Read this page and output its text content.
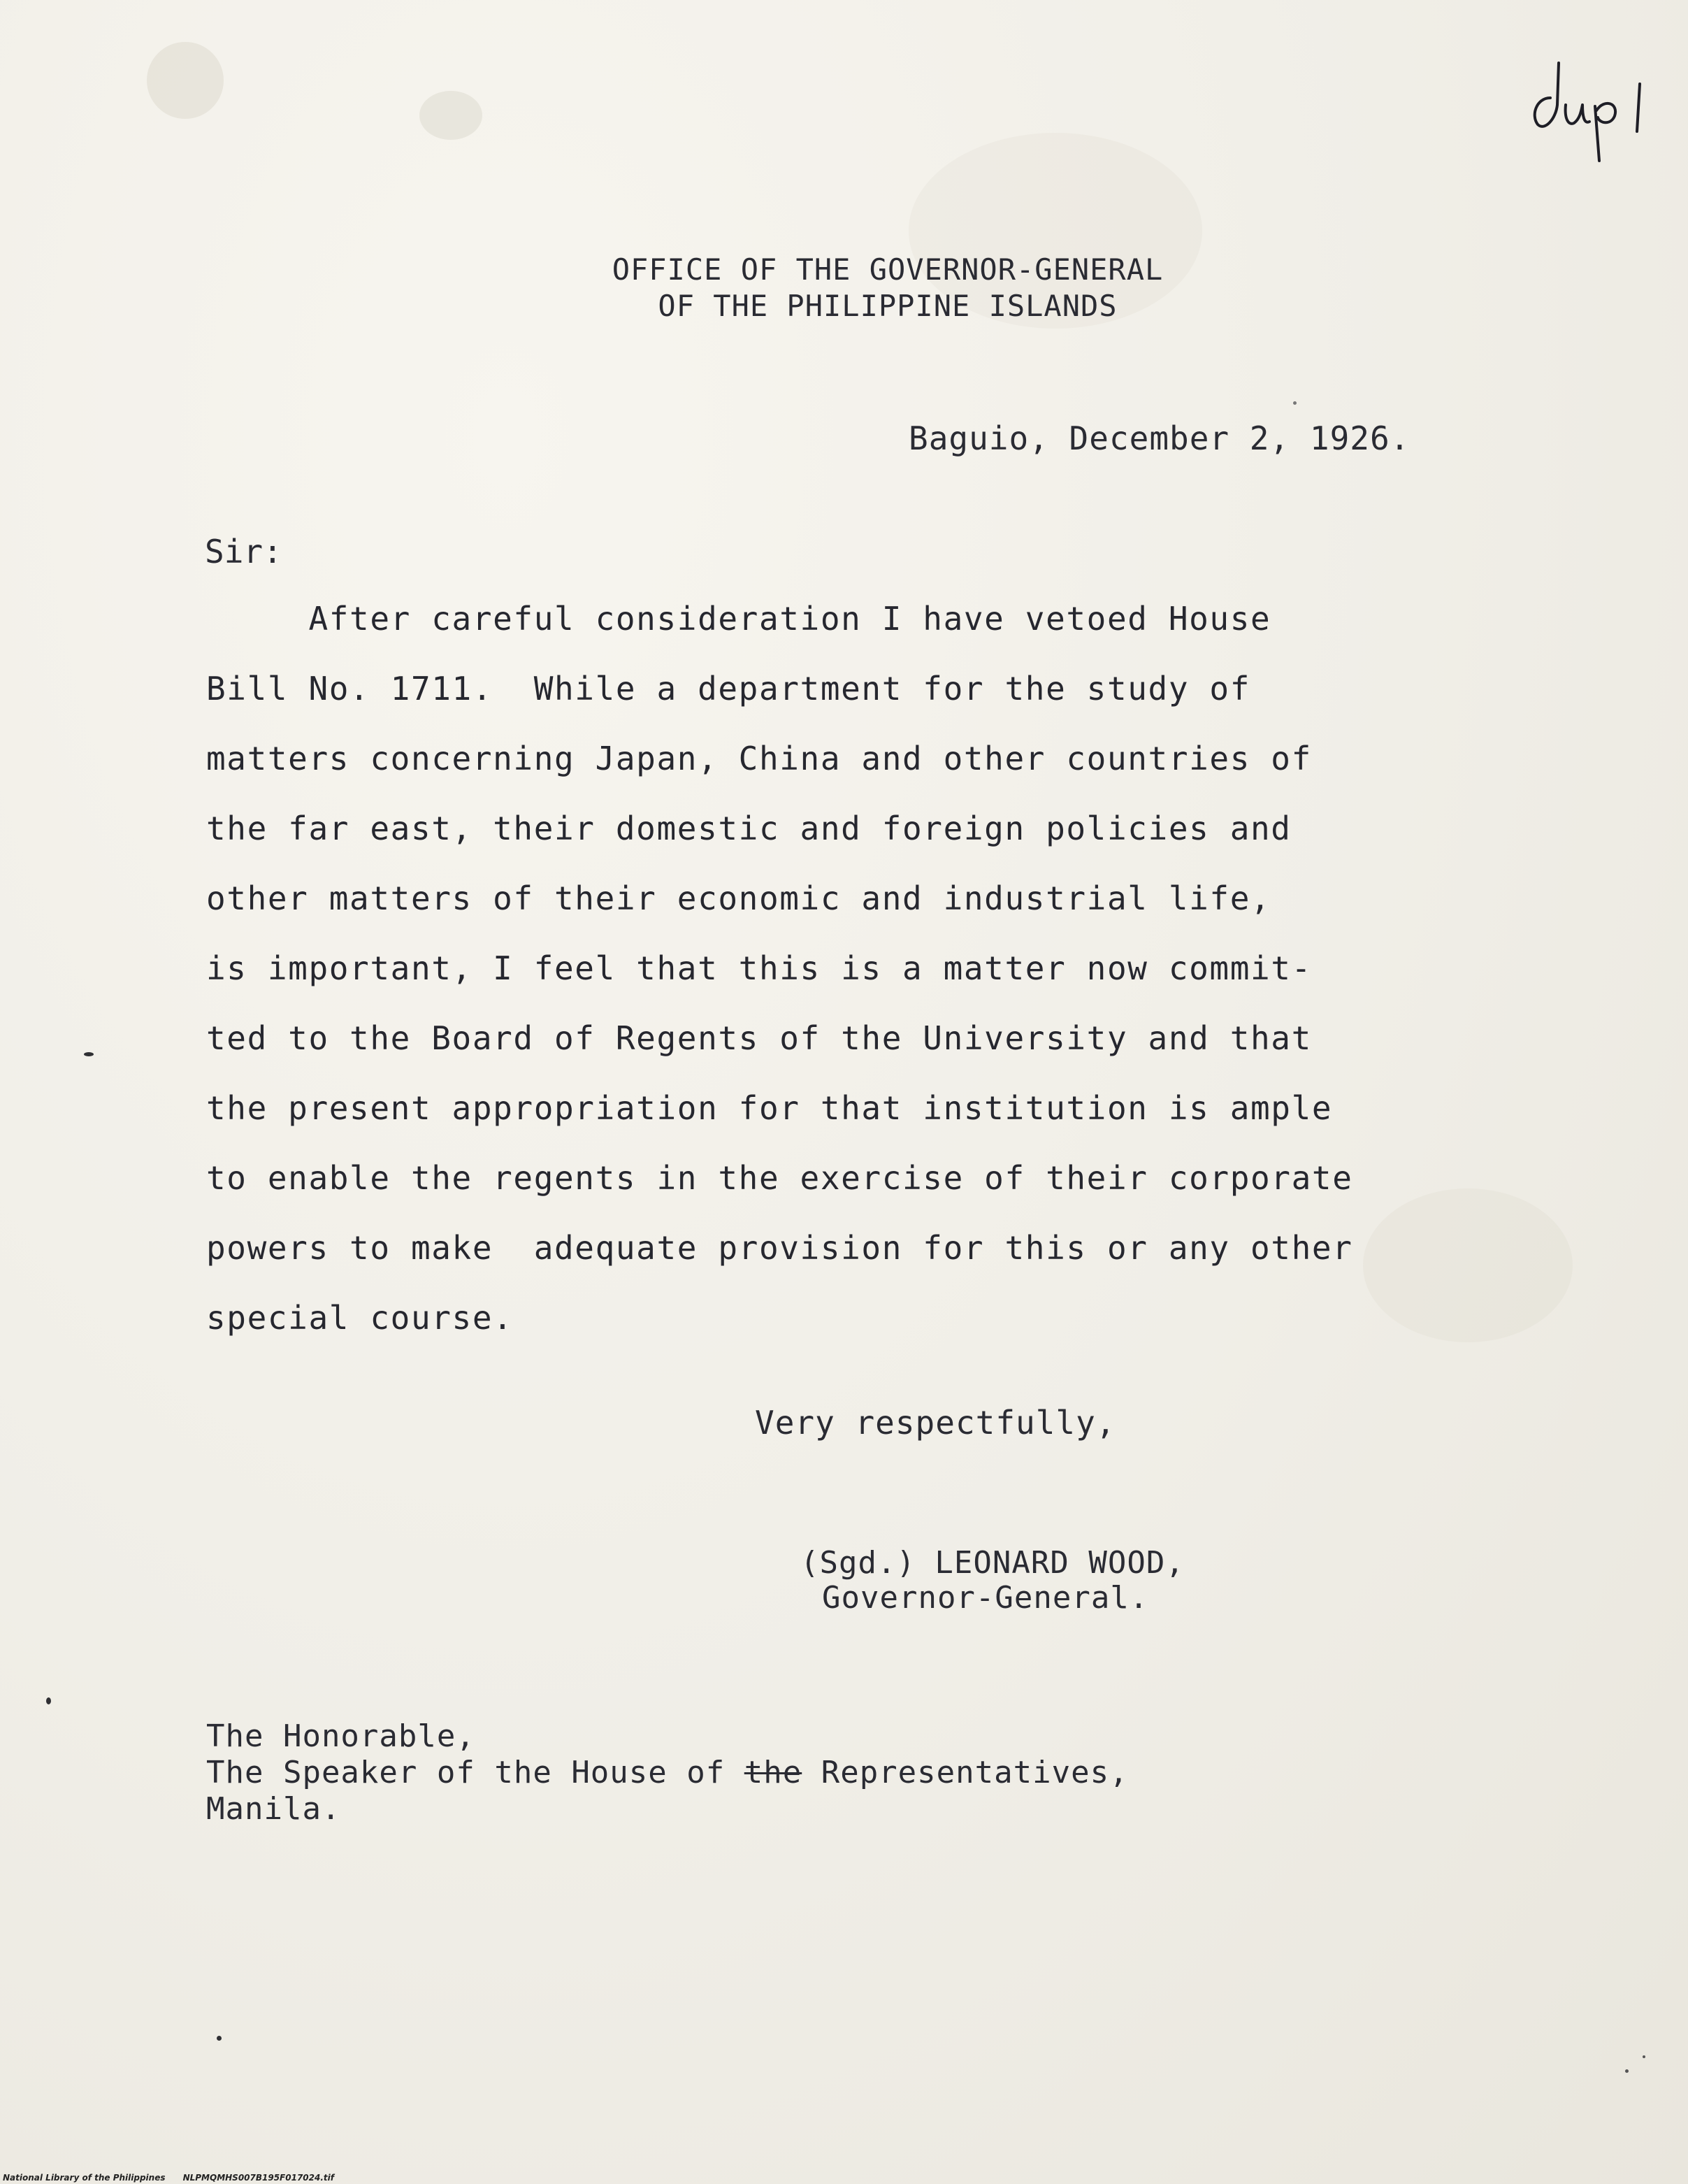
OFFICE OF THE GOVERNOR-GENERAL
OF THE PHILIPPINE ISLANDS
Baguio, December 2, 1926.
Sir:
After careful consideration I have vetoed House
Bill No. 1711.  While a department for the study of
matters concerning Japan, China and other countries of
the far east, their domestic and foreign policies and
other matters of their economic and industrial life,
is important, I feel that this is a matter now commit-
ted to the Board of Regents of the University and that
the present appropriation for that institution is ample
to enable the regents in the exercise of their corporate
powers to make  adequate provision for this or any other
special course.
Very respectfully,
(Sgd.) LEONARD WOOD,
Governor-General.
The Honorable,
The Speaker of the House of the Representatives,
Manila.
National Library of the Philippines NLPMQMHS007B195F017024.tif
